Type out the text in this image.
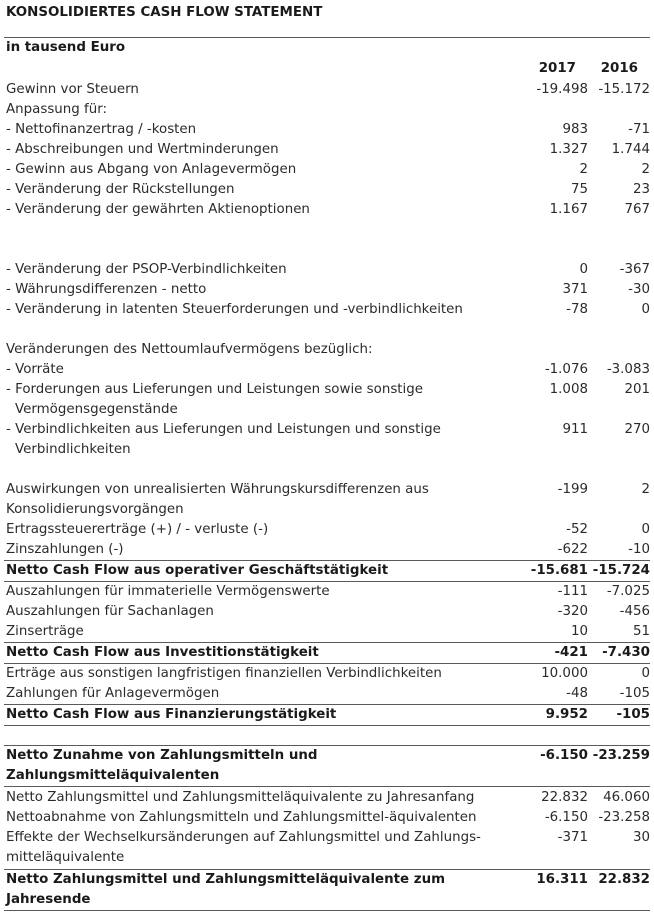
KONSOLIDIERTES CASH FLOW STATEMENT
in tausend Euro
2017	2016
Gewinn vor Steuern	-19.498 -15.172
Anpassung für:
- Nettofinanzertrag / -kosten	983	-71
- Abschreibungen und Wertminderungen	1.327	1.744
- Gewinn aus Abgang von Anlagevermögen	2	2
- Veränderung der Rückstellungen	75	23
- Veränderung der gewährten Aktienoptionen	1.167	767
- Veränderung der PSOP-Verbindlichkeiten	0	-367
- Währungsdifferenzen - netto	371	-30
- Veränderung in latenten Steuerforderungen und -verbindlichkeiten	-78	0
Veränderungen des Nettoumlaufvermögens bezüglich:
- Vorräte	-1.076	-3.083
- Forderungen aus Lieferungen und Leistungen sowie sonstige
Vermögensgegenstände
1.008	201
- Verbindlichkeiten aus Lieferungen und Leistungen und sonstige
Verbindlichkeiten
911	270
Auswirkungen von unrealisierten Währungskursdifferenzen aus
Konsolidierungsvorgängen
-199	2
Ertragssteuererträge (+) / - verluste (-)	-52	0
Zinszahlungen (-)	-622	-10
Netto Cash Flow aus operativer Geschäftstätigkeit	-15.681 -15.724
Auszahlungen für immaterielle Vermögenswerte	-111	-7.025
Auszahlungen für Sachanlagen	-320	-456
Zinserträge	10	51
Netto Cash Flow aus Investitionstätigkeit	-421	-7.430
Erträge aus sonstigen langfristigen finanziellen Verbindlichkeiten	10.000	0
Zahlungen für Anlagevermögen	-48	-105
Netto Cash Flow aus Finanzierungstätigkeit	9.952	-105
Netto Zunahme von Zahlungsmitteln und
Zahlungsmitteläquivalenten
-6.150 -23.259
Netto Zahlungsmittel und Zahlungsmitteläquivalente zu Jahresanfang	22.832	46.060
Nettoabnahme von Zahlungsmitteln und Zahlungsmittel-äquivalenten	-6.150 -23.258
Effekte der Wechselkursänderungen auf Zahlungsmittel und Zahlungs-
mitteläquivalente
-371	30
Netto Zahlungsmittel und Zahlungsmitteläquivalente zum
Jahresende
16.311 22.832
